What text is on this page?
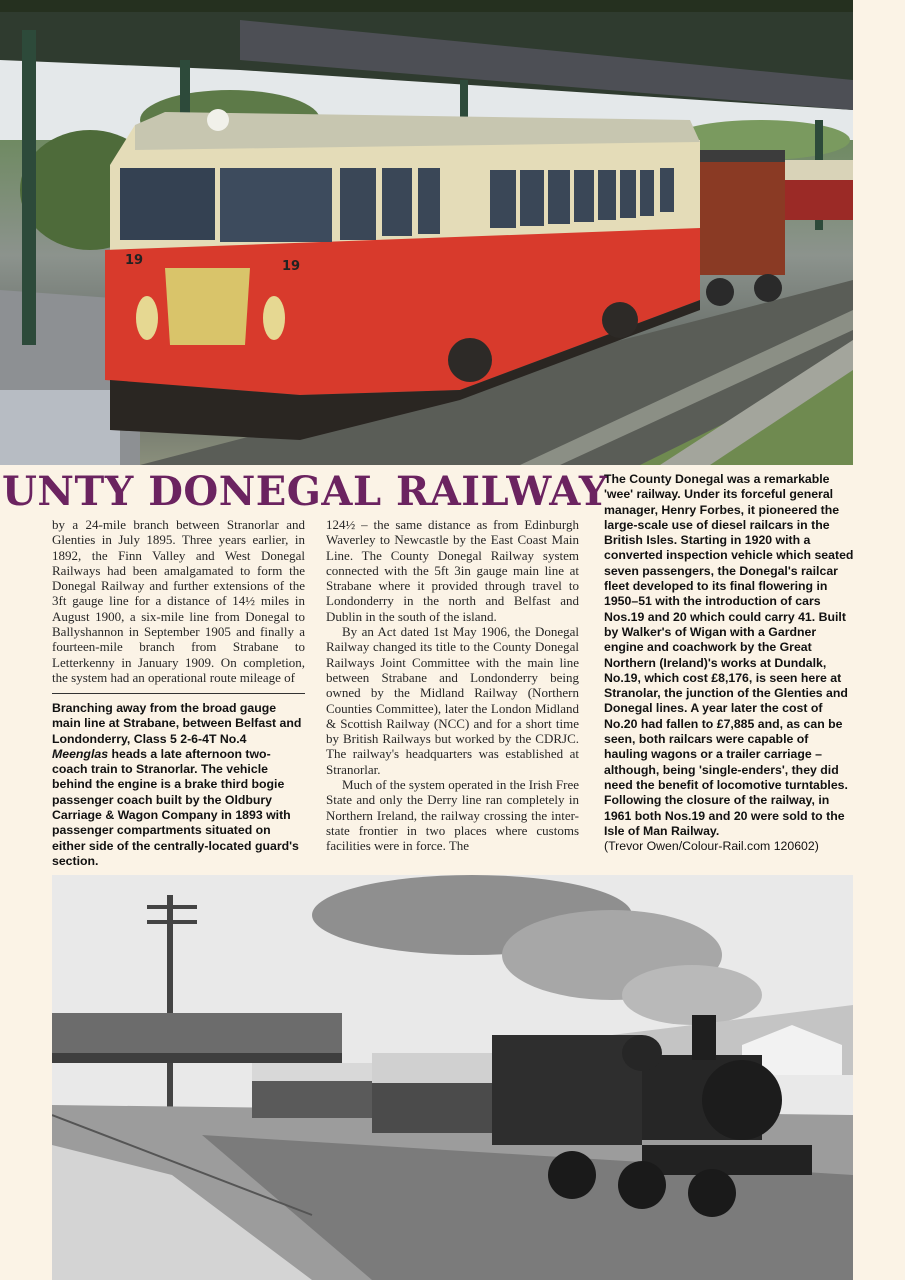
19	19
UNTY DONEGAL RAILWAY

by a 24-mile branch between Stranorlar and Glenties in July 1895. Three years earlier, in 1892, the Finn Valley and West Donegal Railways had been amalgamated to form the Donegal Railway and further extensions of the 3ft gauge line for a distance of 14½ miles in August 1900, a six-mile line from Donegal to Ballyshannon in September 1905 and finally a fourteen-mile branch from Strabane to Letterkenny in January 1909. On completion, the system had an operational route mileage of

Branching away from the broad gauge main line at Strabane, between Belfast and Londonderry, Class 5 2-6-4T No.4 Meenglas heads a late afternoon two-coach train to Stranorlar. The vehicle behind the engine is a brake third bogie passenger coach built by the Oldbury Carriage & Wagon Company in 1893 with passenger compartments situated on either side of the centrally-located guard's section.

124½ – the same distance as from Edinburgh Waverley to Newcastle by the East Coast Main Line. The County Donegal Railway system connected with the 5ft 3in gauge main line at Strabane where it provided through travel to Londonderry in the north and Belfast and Dublin in the south of the island.

By an Act dated 1st May 1906, the Donegal Railway changed its title to the County Donegal Railways Joint Committee with the main line between Strabane and Londonderry being owned by the Midland Railway (Northern Counties Committee), later the London Midland & Scottish Railway (NCC) and for a short time by British Railways but worked by the CDRJC. The railway's headquarters was established at Stranorlar.

Much of the system operated in the Irish Free State and only the Derry line ran completely in Northern Ireland, the railway crossing the inter-state frontier in two places where customs facilities were in force. The

The County Donegal was a remarkable 'wee' railway. Under its forceful general manager, Henry Forbes, it pioneered the large-scale use of diesel railcars in the British Isles. Starting in 1920 with a converted inspection vehicle which seated seven passengers, the Donegal's railcar fleet developed to its final flowering in 1950–51 with the introduction of cars Nos.19 and 20 which could carry 41. Built by Walker's of Wigan with a Gardner engine and coachwork by the Great Northern (Ireland)'s works at Dundalk, No.19, which cost £8,176, is seen here at Stranolar, the junction of the Glenties and Donegal lines. A year later the cost of No.20 had fallen to £7,885 and, as can be seen, both railcars were capable of hauling wagons or a trailer carriage – although, being 'single-enders', they did need the benefit of locomotive turntables. Following the closure of the railway, in 1961 both Nos.19 and 20 were sold to the Isle of Man Railway.
(Trevor Owen/Colour-Rail.com 120602)
